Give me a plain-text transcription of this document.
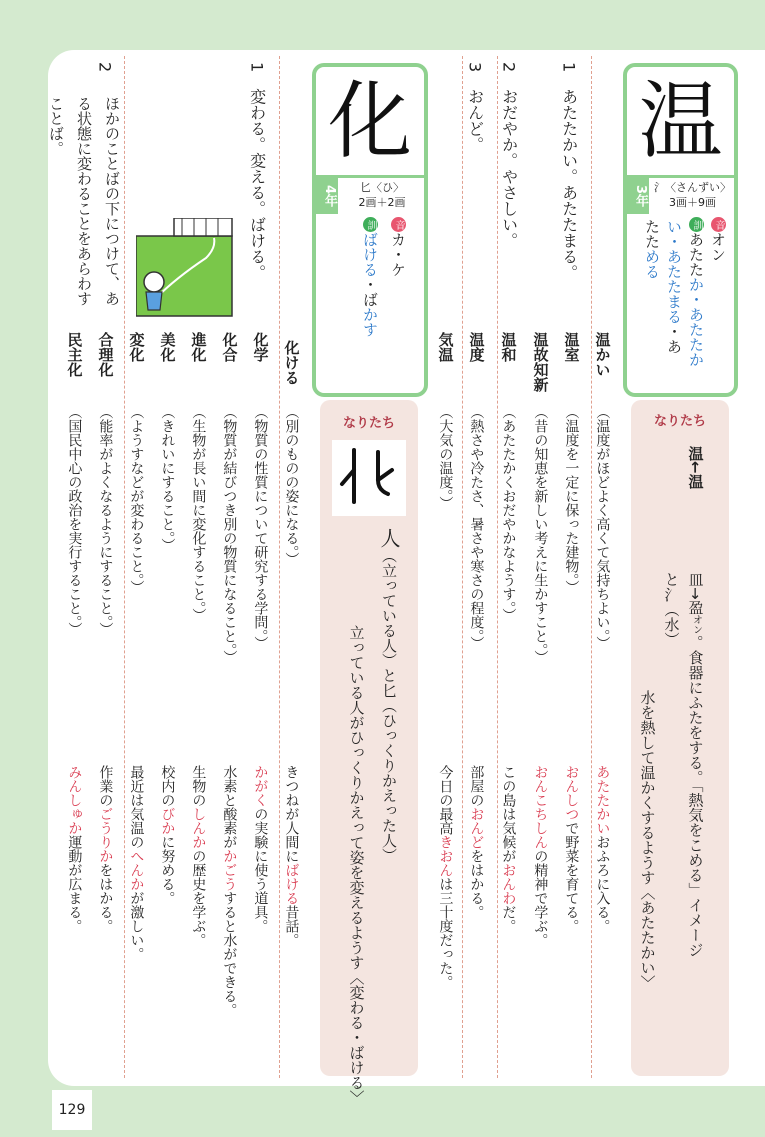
129
温
3年 氵〈さんずい〉
3画＋9画
音オン
訓あたたか・あたたか
い・あたたまる・あ
たためる
1　あたたかい。あたたまる。
2　おだやか。やさしい。
3　おんど。
温かい
（温度がほどよく高くて気持ちよい。）
あたたかいおふろに入る。
温室
（温度を一定に保った建物。）
おんしつで野菜を育てる。
温故知新
（昔の知恵を新しい考えに生かすこと。）
おんこちしんの精神で学ぶ。
温和
（あたたかくおだやかなようす。）
この島は気候がおんわだ。
温度
（熱さや冷たさ、暑さや寒さの程度。）
部屋のおんどをはかる。
気温
（大気の温度。）
今日の最高きおんは三十度だった。
なりたち
温←温
皿→盈オン。食器にふたをする。「熱気をこめる」イメージ
と氵（水）
水を熱して温かくするようす〈あたたかい〉
化
4年	匕〈ひ〉
2画＋2画
音カ・ケ
訓ばける・ばかす
1　変わる。変える。ばける。
2
ほかのことばの下につけて、ある状態に変わることをあらわすことば。
化ける
（別のものの姿になる。）
きつねが人間にばける昔話。
化学
（物質の性質について研究する学問。）
かがくの実験に使う道具。
化合
（物質が結びつき別の物質になること。）
水素と酸素がかごうすると水ができる。
進化
（生物が長い間に変化すること。）
生物のしんかの歴史を学ぶ。
美化
（きれいにすること。）
校内のびかに努める。
変化
（ようすなどが変わること。）
最近は気温のへんかが激しい。
合理化
（能率がよくなるようにすること。）
作業のごうりかをはかる。
民主化
（国民中心の政治を実行すること。）
みんしゅか運動が広まる。
なりたち
人（立っている人）と匕（ひっくりかえった人）
立っている人がひっくりかえって姿を変えるようす〈変わる・ばける〉
